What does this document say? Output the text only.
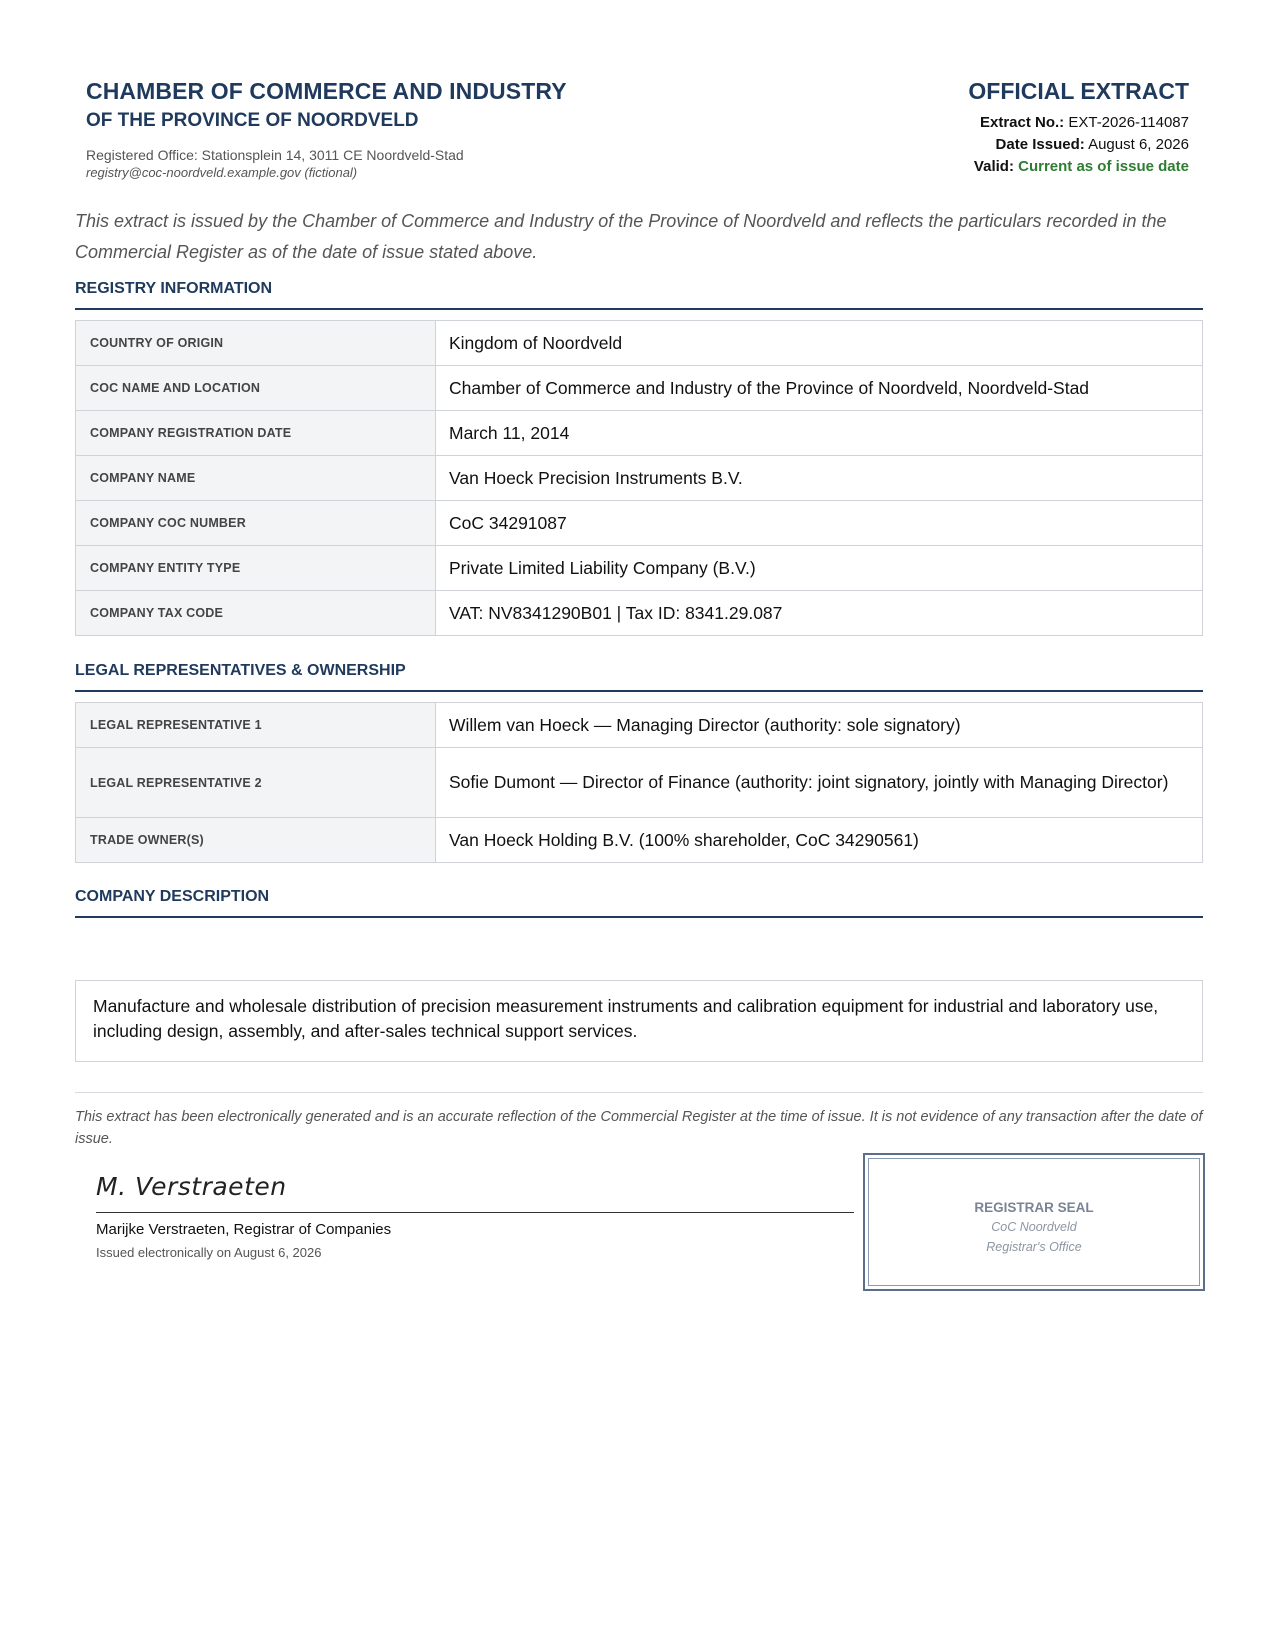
CHAMBER OF COMMERCE AND INDUSTRY
OF THE PROVINCE OF NOORDVELD
Registered Office: Stationsplein 14, 3011 CE Noordveld-Stad
registry@coc-noordveld.example.gov (fictional)
OFFICIAL EXTRACT
Extract No.: EXT-2026-114087
Date Issued: August 6, 2026
Valid: Current as of issue date
This extract is issued by the Chamber of Commerce and Industry of the Province of Noordveld and reflects the particulars recorded in the Commercial Register as of the date of issue stated above.
REGISTRY INFORMATION
COUNTRY OF ORIGIN	Kingdom of Noordveld
COC NAME AND LOCATION	Chamber of Commerce and Industry of the Province of Noordveld, Noordveld-Stad
COMPANY REGISTRATION DATE	March 11, 2014
COMPANY NAME	Van Hoeck Precision Instruments B.V.
COMPANY COC NUMBER	CoC 34291087
COMPANY ENTITY TYPE	Private Limited Liability Company (B.V.)
COMPANY TAX CODE	VAT: NV8341290B01 | Tax ID: 8341.29.087
LEGAL REPRESENTATIVES & OWNERSHIP
LEGAL REPRESENTATIVE 1	Willem van Hoeck — Managing Director (authority: sole signatory)
LEGAL REPRESENTATIVE 2	Sofie Dumont — Director of Finance (authority: joint signatory, jointly with Managing Director)
TRADE OWNER(S)	Van Hoeck Holding B.V. (100% shareholder, CoC 34290561)
COMPANY DESCRIPTION
Manufacture and wholesale distribution of precision measurement instruments and calibration equipment for industrial and laboratory use, including design, assembly, and after-sales technical support services.
This extract has been electronically generated and is an accurate reflection of the Commercial Register at the time of issue. It is not evidence of any transaction after the date of issue.
M. Verstraeten
Marijke Verstraeten, Registrar of Companies
Issued electronically on August 6, 2026
REGISTRAR SEAL
CoC Noordveld
Registrar's Office
